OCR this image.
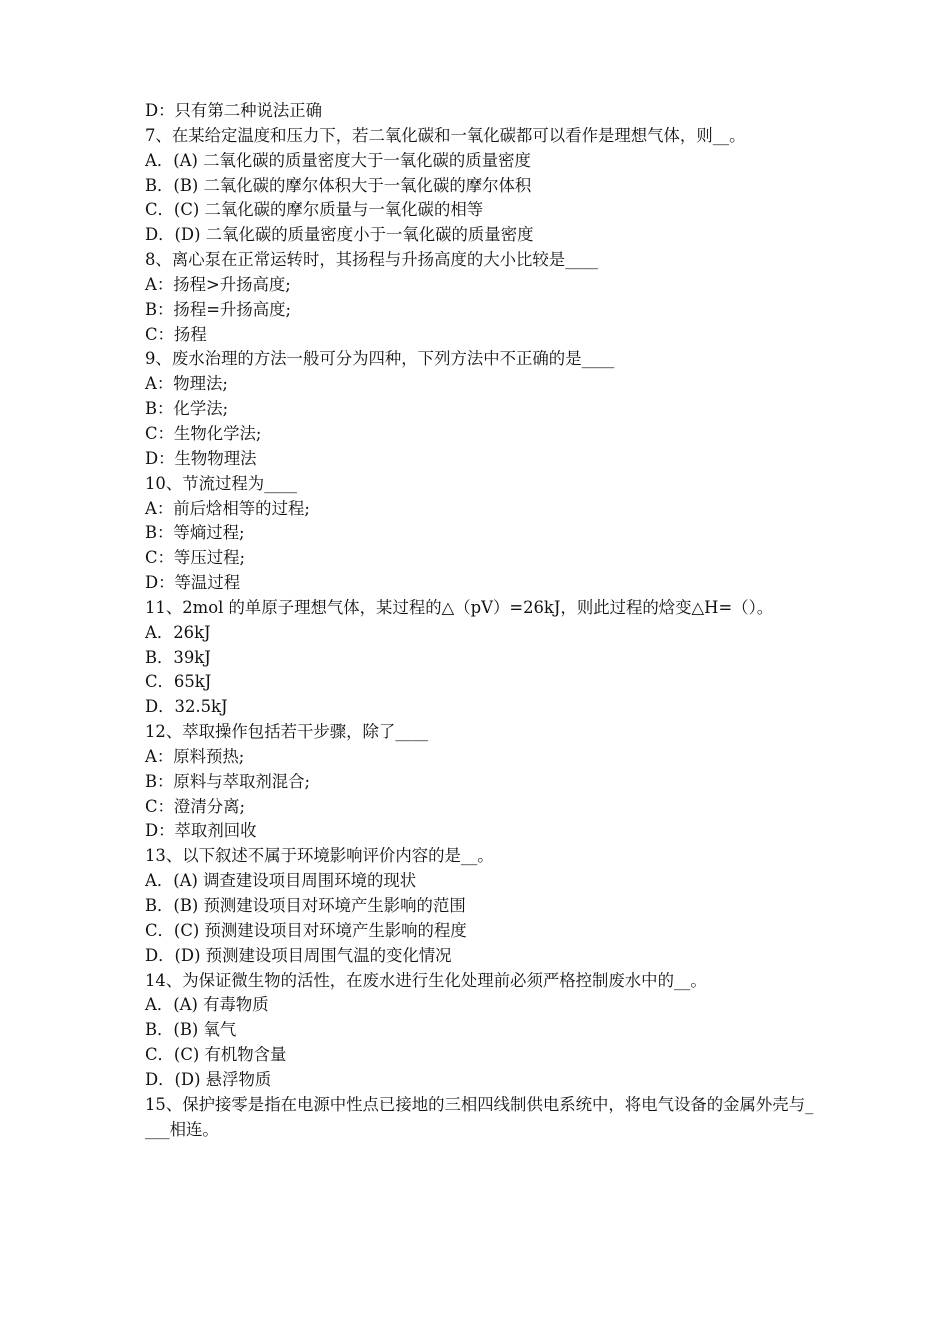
D：只有第二种说法正确
7、在某给定温度和压力下，若二氧化碳和一氧化碳都可以看作是理想气体，则__。
A．(A) 二氧化碳的质量密度大于一氧化碳的质量密度
B．(B) 二氧化碳的摩尔体积大于一氧化碳的摩尔体积
C．(C) 二氧化碳的摩尔质量与一氧化碳的相等
D．(D) 二氧化碳的质量密度小于一氧化碳的质量密度
8、离心泵在正常运转时，其扬程与升扬高度的大小比较是____
A：扬程>升扬高度;
B：扬程=升扬高度;
C：扬程
9、废水治理的方法一般可分为四种，下列方法中不正确的是____
A：物理法;
B：化学法;
C：生物化学法;
D：生物物理法
10、节流过程为____
A：前后焓相等的过程;
B：等熵过程;
C：等压过程;
D：等温过程
11、2mol 的单原子理想气体，某过程的△（pV）=26kJ，则此过程的焓变△H=（）。
A．26kJ
B．39kJ
C．65kJ
D．32.5kJ
12、萃取操作包括若干步骤，除了____
A：原料预热;
B：原料与萃取剂混合;
C：澄清分离;
D：萃取剂回收
13、以下叙述不属于环境影响评价内容的是__。
A．(A) 调查建设项目周围环境的现状
B．(B) 预测建设项目对环境产生影响的范围
C．(C) 预测建设项目对环境产生影响的程度
D．(D) 预测建设项目周围气温的变化情况
14、为保证微生物的活性，在废水进行生化处理前必须严格控制废水中的__。
A．(A) 有毒物质
B．(B) 氧气
C．(C) 有机物含量
D．(D) 悬浮物质
15、保护接零是指在电源中性点已接地的三相四线制供电系统中，将电气设备的金属外壳与____相连。
